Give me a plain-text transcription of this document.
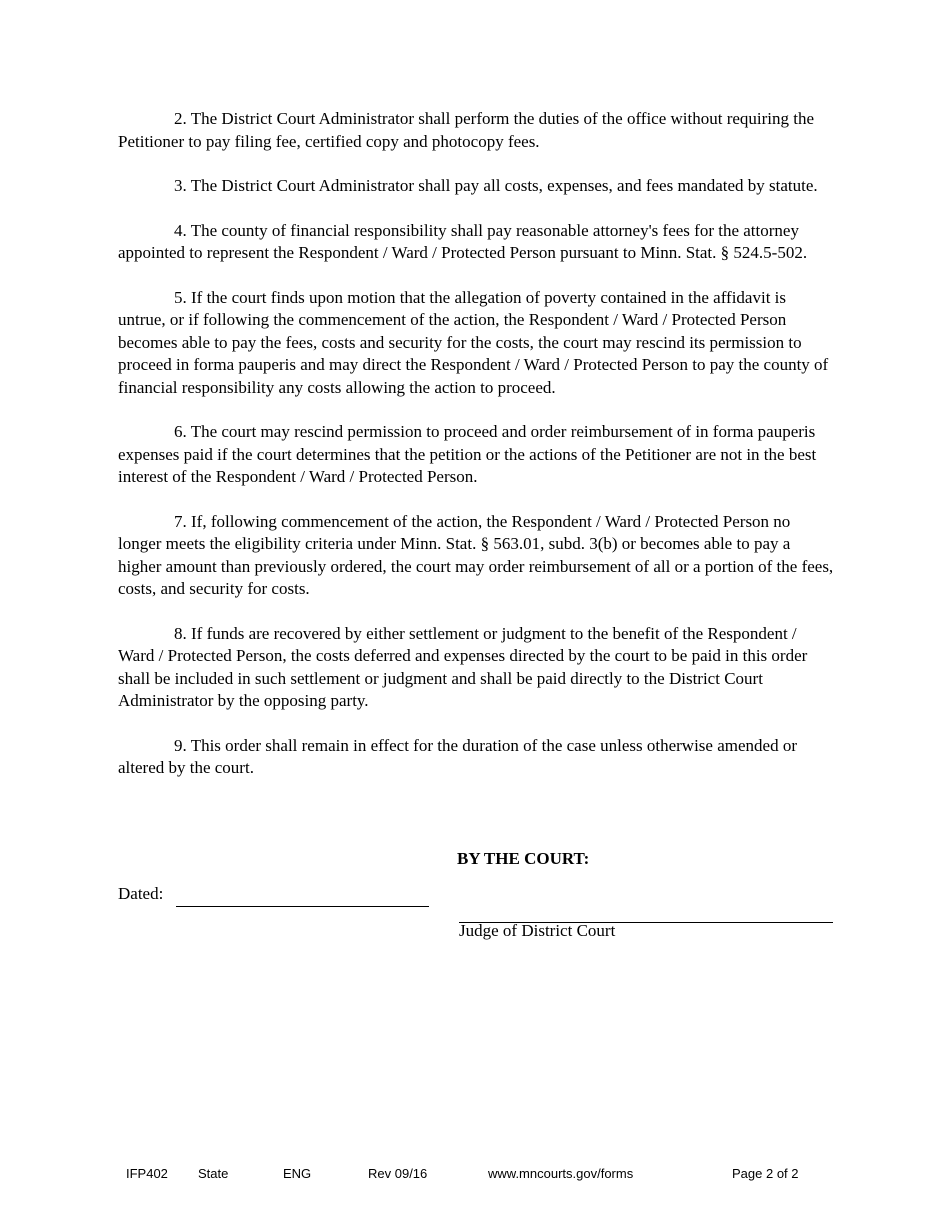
2. The District Court Administrator shall perform the duties of the office without requiring the Petitioner to pay filing fee, certified copy and photocopy fees.

3. The District Court Administrator shall pay all costs, expenses, and fees mandated by statute.

4. The county of financial responsibility shall pay reasonable attorney's fees for the attorney appointed to represent the Respondent / Ward / Protected Person pursuant to Minn. Stat. § 524.5-502.

5. If the court finds upon motion that the allegation of poverty contained in the affidavit is untrue, or if following the commencement of the action, the Respondent / Ward / Protected Person becomes able to pay the fees, costs and security for the costs, the court may rescind its permission to proceed in forma pauperis and may direct the Respondent / Ward / Protected Person to pay the county of financial responsibility any costs allowing the action to proceed.

6. The court may rescind permission to proceed and order reimbursement of in forma pauperis expenses paid if the court determines that the petition or the actions of the Petitioner are not in the best interest of the Respondent / Ward / Protected Person.

7. If, following commencement of the action, the Respondent / Ward / Protected Person no longer meets the eligibility criteria under Minn. Stat. § 563.01, subd. 3(b) or becomes able to pay a higher amount than previously ordered, the court may order reimbursement of all or a portion of the fees, costs, and security for costs.

8. If funds are recovered by either settlement or judgment to the benefit of the Respondent / Ward / Protected Person, the costs deferred and expenses directed by the court to be paid in this order shall be included in such settlement or judgment and shall be paid directly to the District Court Administrator by the opposing party.

9. This order shall remain in effect for the duration of the case unless otherwise amended or altered by the court.

BY THE COURT:
Dated:
Judge of District Court
IFP402 State	ENG	Rev 09/16	www.mncourts.gov/forms	Page 2 of 2
